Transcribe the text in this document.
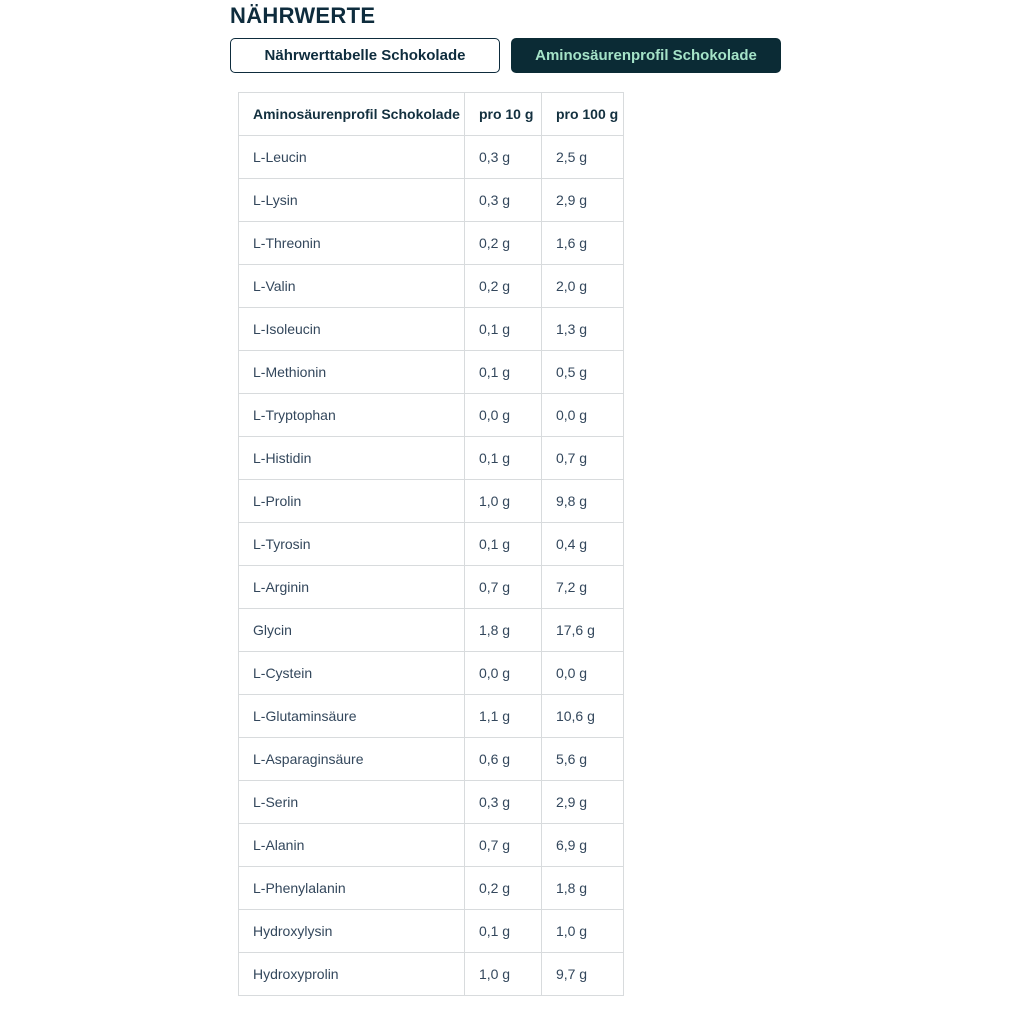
NÄHRWERTE
Nährwerttabelle Schokolade	Aminosäurenprofil Schokolade
Aminosäurenprofil Schokolade	pro 10 g	pro 100 g
L-Leucin	0,3 g	2,5 g
L-Lysin	0,3 g	2,9 g
L-Threonin	0,2 g	1,6 g
L-Valin	0,2 g	2,0 g
L-Isoleucin	0,1 g	1,3 g
L-Methionin	0,1 g	0,5 g
L-Tryptophan	0,0 g	0,0 g
L-Histidin	0,1 g	0,7 g
L-Prolin	1,0 g	9,8 g
L-Tyrosin	0,1 g	0,4 g
L-Arginin	0,7 g	7,2 g
Glycin	1,8 g	17,6 g
L-Cystein	0,0 g	0,0 g
L-Glutaminsäure	1,1 g	10,6 g
L-Asparaginsäure	0,6 g	5,6 g
L-Serin	0,3 g	2,9 g
L-Alanin	0,7 g	6,9 g
L-Phenylalanin	0,2 g	1,8 g
Hydroxylysin	0,1 g	1,0 g
Hydroxyprolin	1,0 g	9,7 g
